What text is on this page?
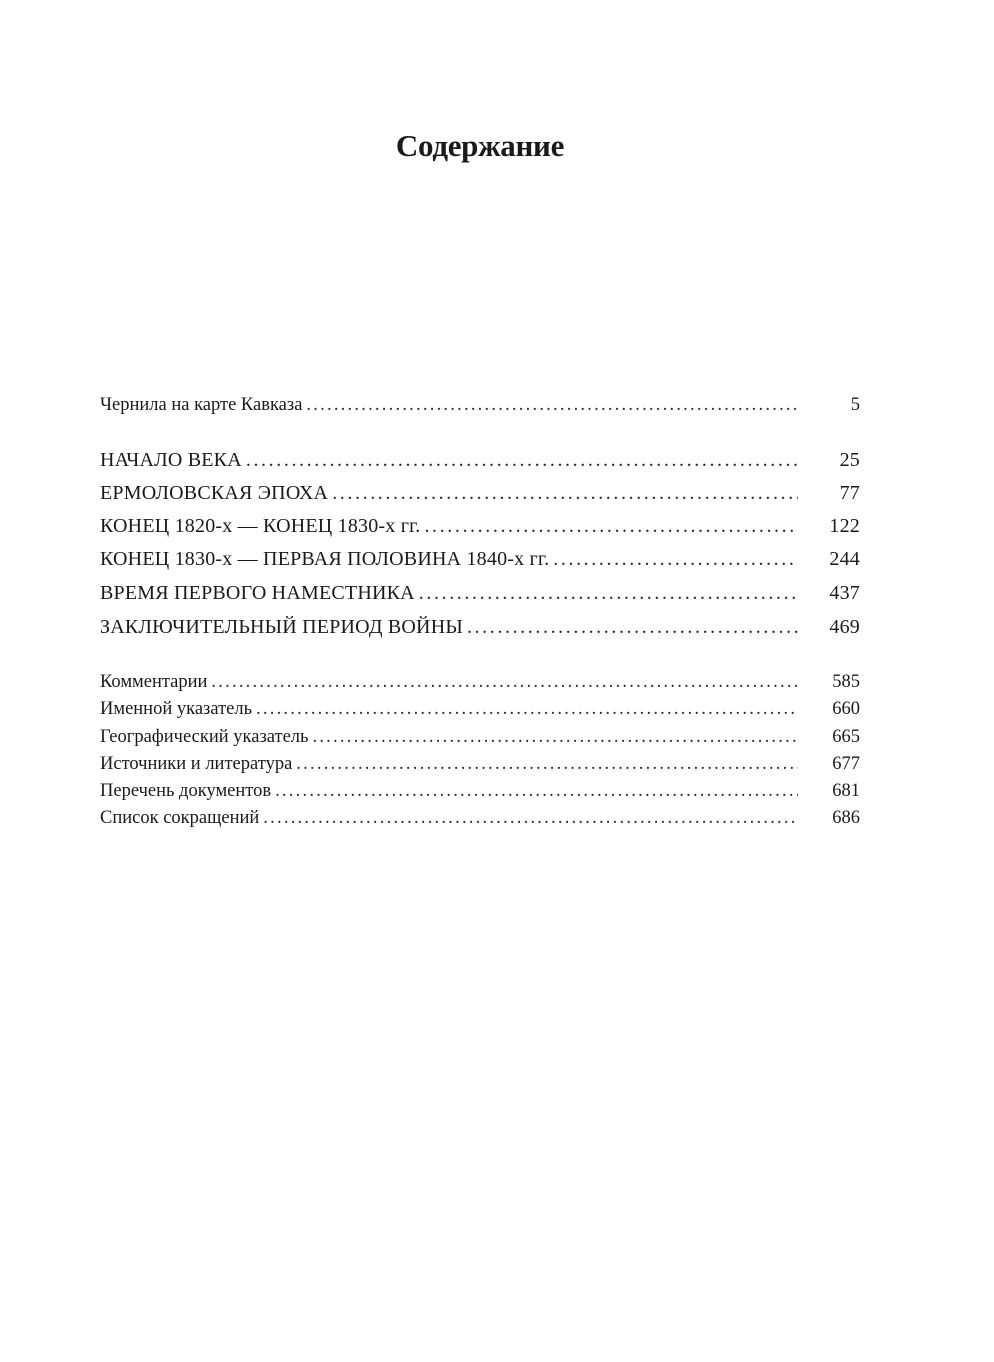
Содержание
Чернила на карте Кавказа . . .	5
НАЧАЛО ВЕКА . . .	25
ЕРМОЛОВСКАЯ ЭПОХА . . .	77
КОНЕЦ 1820-х — КОНЕЦ 1830-х гг. . . .	122
КОНЕЦ 1830-х — ПЕРВАЯ ПОЛОВИНА 1840-х гг. . . .	244
ВРЕМЯ ПЕРВОГО НАМЕСТНИКА . . .	437
ЗАКЛЮЧИТЕЛЬНЫЙ ПЕРИОД ВОЙНЫ . . .	469
Комментарии . . .	585
Именной указатель . . .	660
Географический указатель . . .	665
Источники и литература . . .	677
Перечень документов . . .	681
Список сокращений . . .	686
